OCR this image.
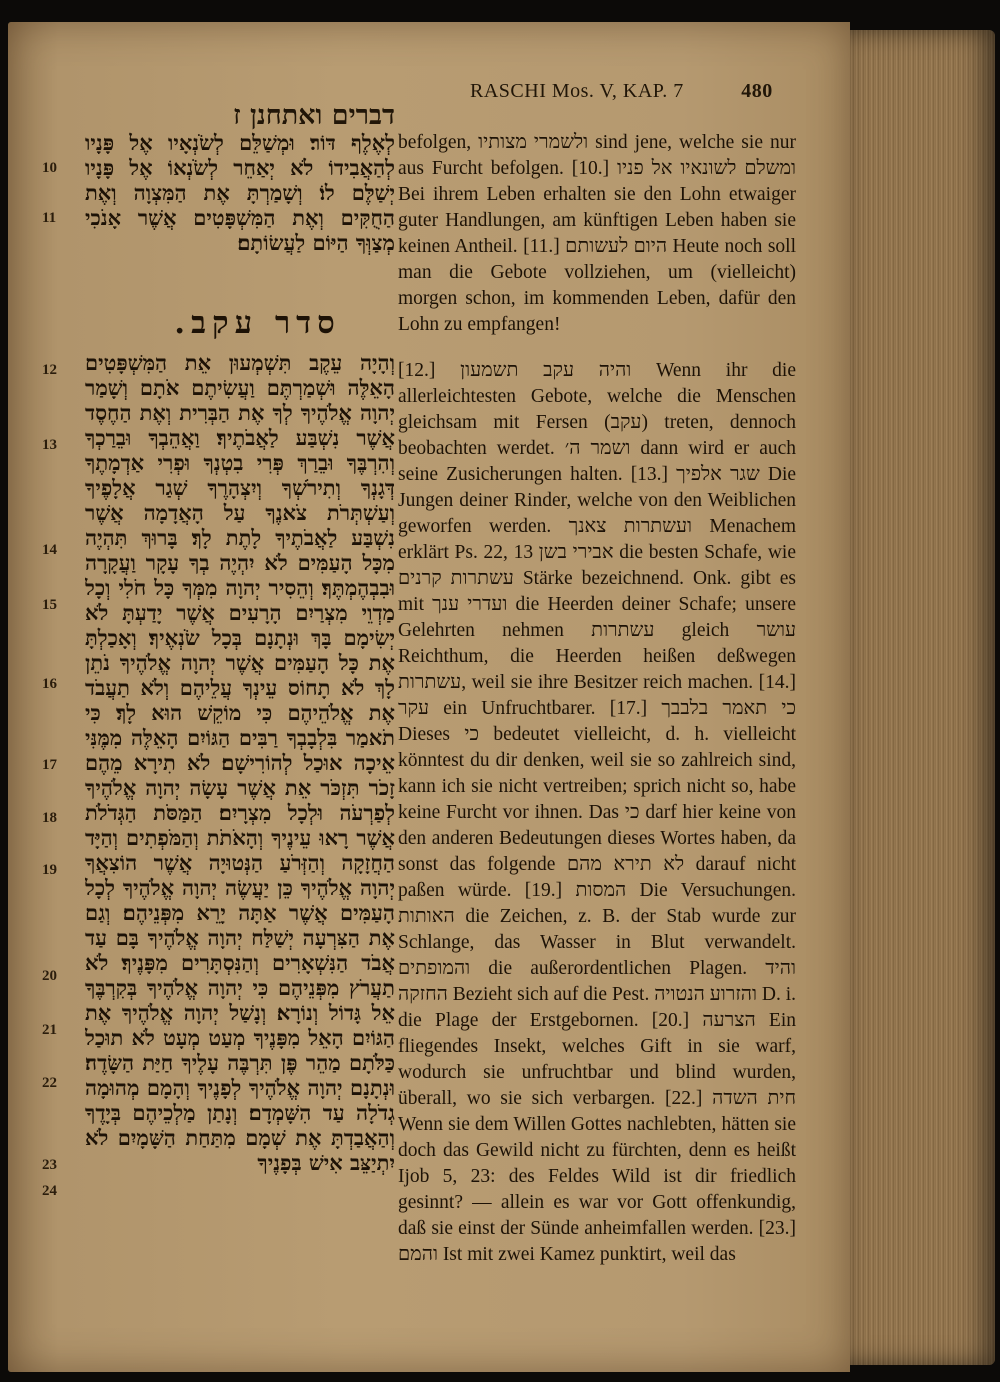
דברים ואתחנן ז
RASCHI Mos. V, KAP. 7	480
לְאֶלֶף דּוֹר׃ וּמְשַׁלֵּם לְשֹׂנְאָיו אֶל פָּנָיו לְהַאֲבִידוֹ לֹא יְאַחֵר לְשֹׂנְאוֹ אֶל פָּנָיו יְשַׁלֶּם לוֹ׃ וְשָׁמַרְתָּ אֶת הַמִּצְוָה וְאֶת הַחֻקִּים וְאֶת הַמִּשְׁפָּטִים אֲשֶׁר אָנֹכִי מְצַוְּךָ הַיּוֹם לַעֲשׂוֹתָם׃
10
11
סדר עקב.
וְהָיָה עֵקֶב תִּשְׁמְעוּן אֵת הַמִּשְׁפָּטִים הָאֵלֶּה וּשְׁמַרְתֶּם וַעֲשִׂיתֶם אֹתָם וְשָׁמַר יְהוָה אֱלֹהֶיךָ לְךָ אֶת הַבְּרִית וְאֶת הַחֶסֶד אֲשֶׁר נִשְׁבַּע לַאֲבֹתֶיךָ׃ וַאֲהֵבְךָ וּבֵרַכְךָ וְהִרְבֶּךָ וּבֵרַךְ פְּרִי בִטְנְךָ וּפְרִי אַדְמָתֶךָ דְּגָנְךָ וְתִירֹשְׁךָ וְיִצְהָרֶךָ שְׁגַר אֲלָפֶיךָ וְעַשְׁתְּרֹת צֹאנֶךָ עַל הָאֲדָמָה אֲשֶׁר נִשְׁבַּע לַאֲבֹתֶיךָ לָתֶת לָךְ׃ בָּרוּךְ תִּהְיֶה מִכָּל הָעַמִּים לֹא יִהְיֶה בְךָ עָקָר וַעֲקָרָה וּבִבְהֶמְתֶּךָ׃ וְהֵסִיר יְהוָה מִמְּךָ כָּל חֹלִי וְכָל מַדְוֵי מִצְרַיִם הָרָעִים אֲשֶׁר יָדַעְתָּ לֹא יְשִׂימָם בָּךְ וּנְתָנָם בְּכָל שֹׂנְאֶיךָ׃ וְאָכַלְתָּ אֶת כָּל הָעַמִּים אֲשֶׁר יְהוָה אֱלֹהֶיךָ נֹתֵן לָךְ לֹא תָחוֹס עֵינְךָ עֲלֵיהֶם וְלֹא תַעֲבֹד אֶת אֱלֹהֵיהֶם כִּי מוֹקֵשׁ הוּא לָךְ׃ כִּי תֹאמַר בִּלְבָבְךָ רַבִּים הַגּוֹיִם הָאֵלֶּה מִמֶּנִּי אֵיכָה אוּכַל לְהוֹרִישָׁם׃ לֹא תִירָא מֵהֶם זָכֹר תִּזְכֹּר אֵת אֲשֶׁר עָשָׂה יְהוָה אֱלֹהֶיךָ לְפַרְעֹה וּלְכָל מִצְרָיִם׃ הַמַּסֹּת הַגְּדֹלֹת אֲשֶׁר רָאוּ עֵינֶיךָ וְהָאֹתֹת וְהַמֹּפְתִים וְהַיָּד הַחֲזָקָה וְהַזְּרֹעַ הַנְּטוּיָה אֲשֶׁר הוֹצִאֲךָ יְהוָה אֱלֹהֶיךָ כֵּן יַעֲשֶׂה יְהוָה אֱלֹהֶיךָ לְכָל הָעַמִּים אֲשֶׁר אַתָּה יָרֵא מִפְּנֵיהֶם׃ וְגַם אֶת הַצִּרְעָה יְשַׁלַּח יְהוָה אֱלֹהֶיךָ בָּם עַד אֲבֹד הַנִּשְׁאָרִים וְהַנִּסְתָּרִים מִפָּנֶיךָ׃ לֹא תַעֲרֹץ מִפְּנֵיהֶם כִּי יְהוָה אֱלֹהֶיךָ בְּקִרְבֶּךָ אֵל גָּדוֹל וְנוֹרָא׃ וְנָשַׁל יְהוָה אֱלֹהֶיךָ אֶת הַגּוֹיִם הָאֵל מִפָּנֶיךָ מְעַט מְעָט לֹא תוּכַל כַּלֹּתָם מַהֵר פֶּן תִּרְבֶּה עָלֶיךָ חַיַּת הַשָּׂדֶה׃ וּנְתָנָם יְהוָה אֱלֹהֶיךָ לְפָנֶיךָ וְהָמָם מְהוּמָה גְדֹלָה עַד הִשָּׁמְדָם׃ וְנָתַן מַלְכֵיהֶם בְּיָדֶךָ וְהַאֲבַדְתָּ אֶת שְׁמָם מִתַּחַת הַשָּׁמָיִם לֹא יִתְיַצֵּב אִישׁ בְּפָנֶיךָ
12
13
14
15
16
17
18
19
20
21
22
23
24

befolgen, ולשמרי מצותיו sind jene, welche sie nur aus Furcht befolgen. [10.] ומשלם לשונאיו אל פניו Bei ihrem Leben erhalten sie den Lohn etwaiger guter Handlungen, am künftigen Leben haben sie keinen Antheil. [11.] היום לעשותם Heute noch soll man die Gebote vollziehen, um (vielleicht) morgen schon, im kommenden Leben, dafür den Lohn zu empfangen!

[12.] והיה עקב תשמעון Wenn ihr die allerleichtesten Gebote, welche die Menschen gleichsam mit Fersen (עקב) treten, dennoch beobachten werdet. ושמר ה׳ dann wird er auch seine Zusicherungen halten. [13.] שגר אלפיך Die Jungen deiner Rinder, welche von den Weiblichen geworfen werden. ועשתרות צאנך Menachem erklärt Ps. 22, 13 אבירי בשן die besten Schafe, wie עשתרות קרנים Stärke bezeichnend. Onk. gibt es mit ועדרי ענך die Heerden deiner Schafe; unsere Gelehrten nehmen עשתרות gleich עושר Reichthum, die Heerden heißen deßwegen עשתרות, weil sie ihre Besitzer reich machen. [14.] עקר ein Unfruchtbarer. [17.] כי תאמר בלבבך Dieses כי bedeutet vielleicht, d. h. vielleicht könntest du dir denken, weil sie so zahlreich sind, kann ich sie nicht vertreiben; sprich nicht so, habe keine Furcht vor ihnen. Das כי darf hier keine von den anderen Bedeutungen dieses Wortes haben, da sonst das folgende לא תירא מהם darauf nicht paßen würde. [19.] המסות Die Versuchungen. האותות die Zeichen, z. B. der Stab wurde zur Schlange, das Wasser in Blut verwandelt. והמופתים die außerordentlichen Plagen. והיד החזקה Bezieht sich auf die Pest. והזרוע הנטויה D. i. die Plage der Erstgebornen. [20.] הצרעה Ein fliegendes Insekt, welches Gift in sie warf, wodurch sie unfruchtbar und blind wurden, überall, wo sie sich verbargen. [22.] חית השדה Wenn sie dem Willen Gottes nachlebten, hätten sie doch das Gewild nicht zu fürchten, denn es heißt Ijob 5, 23: des Feldes Wild ist dir friedlich gesinnt? — allein es war vor Gott offenkundig, daß sie einst der Sünde anheimfallen werden. [23.] והמם Ist mit zwei Kamez punktirt, weil das
